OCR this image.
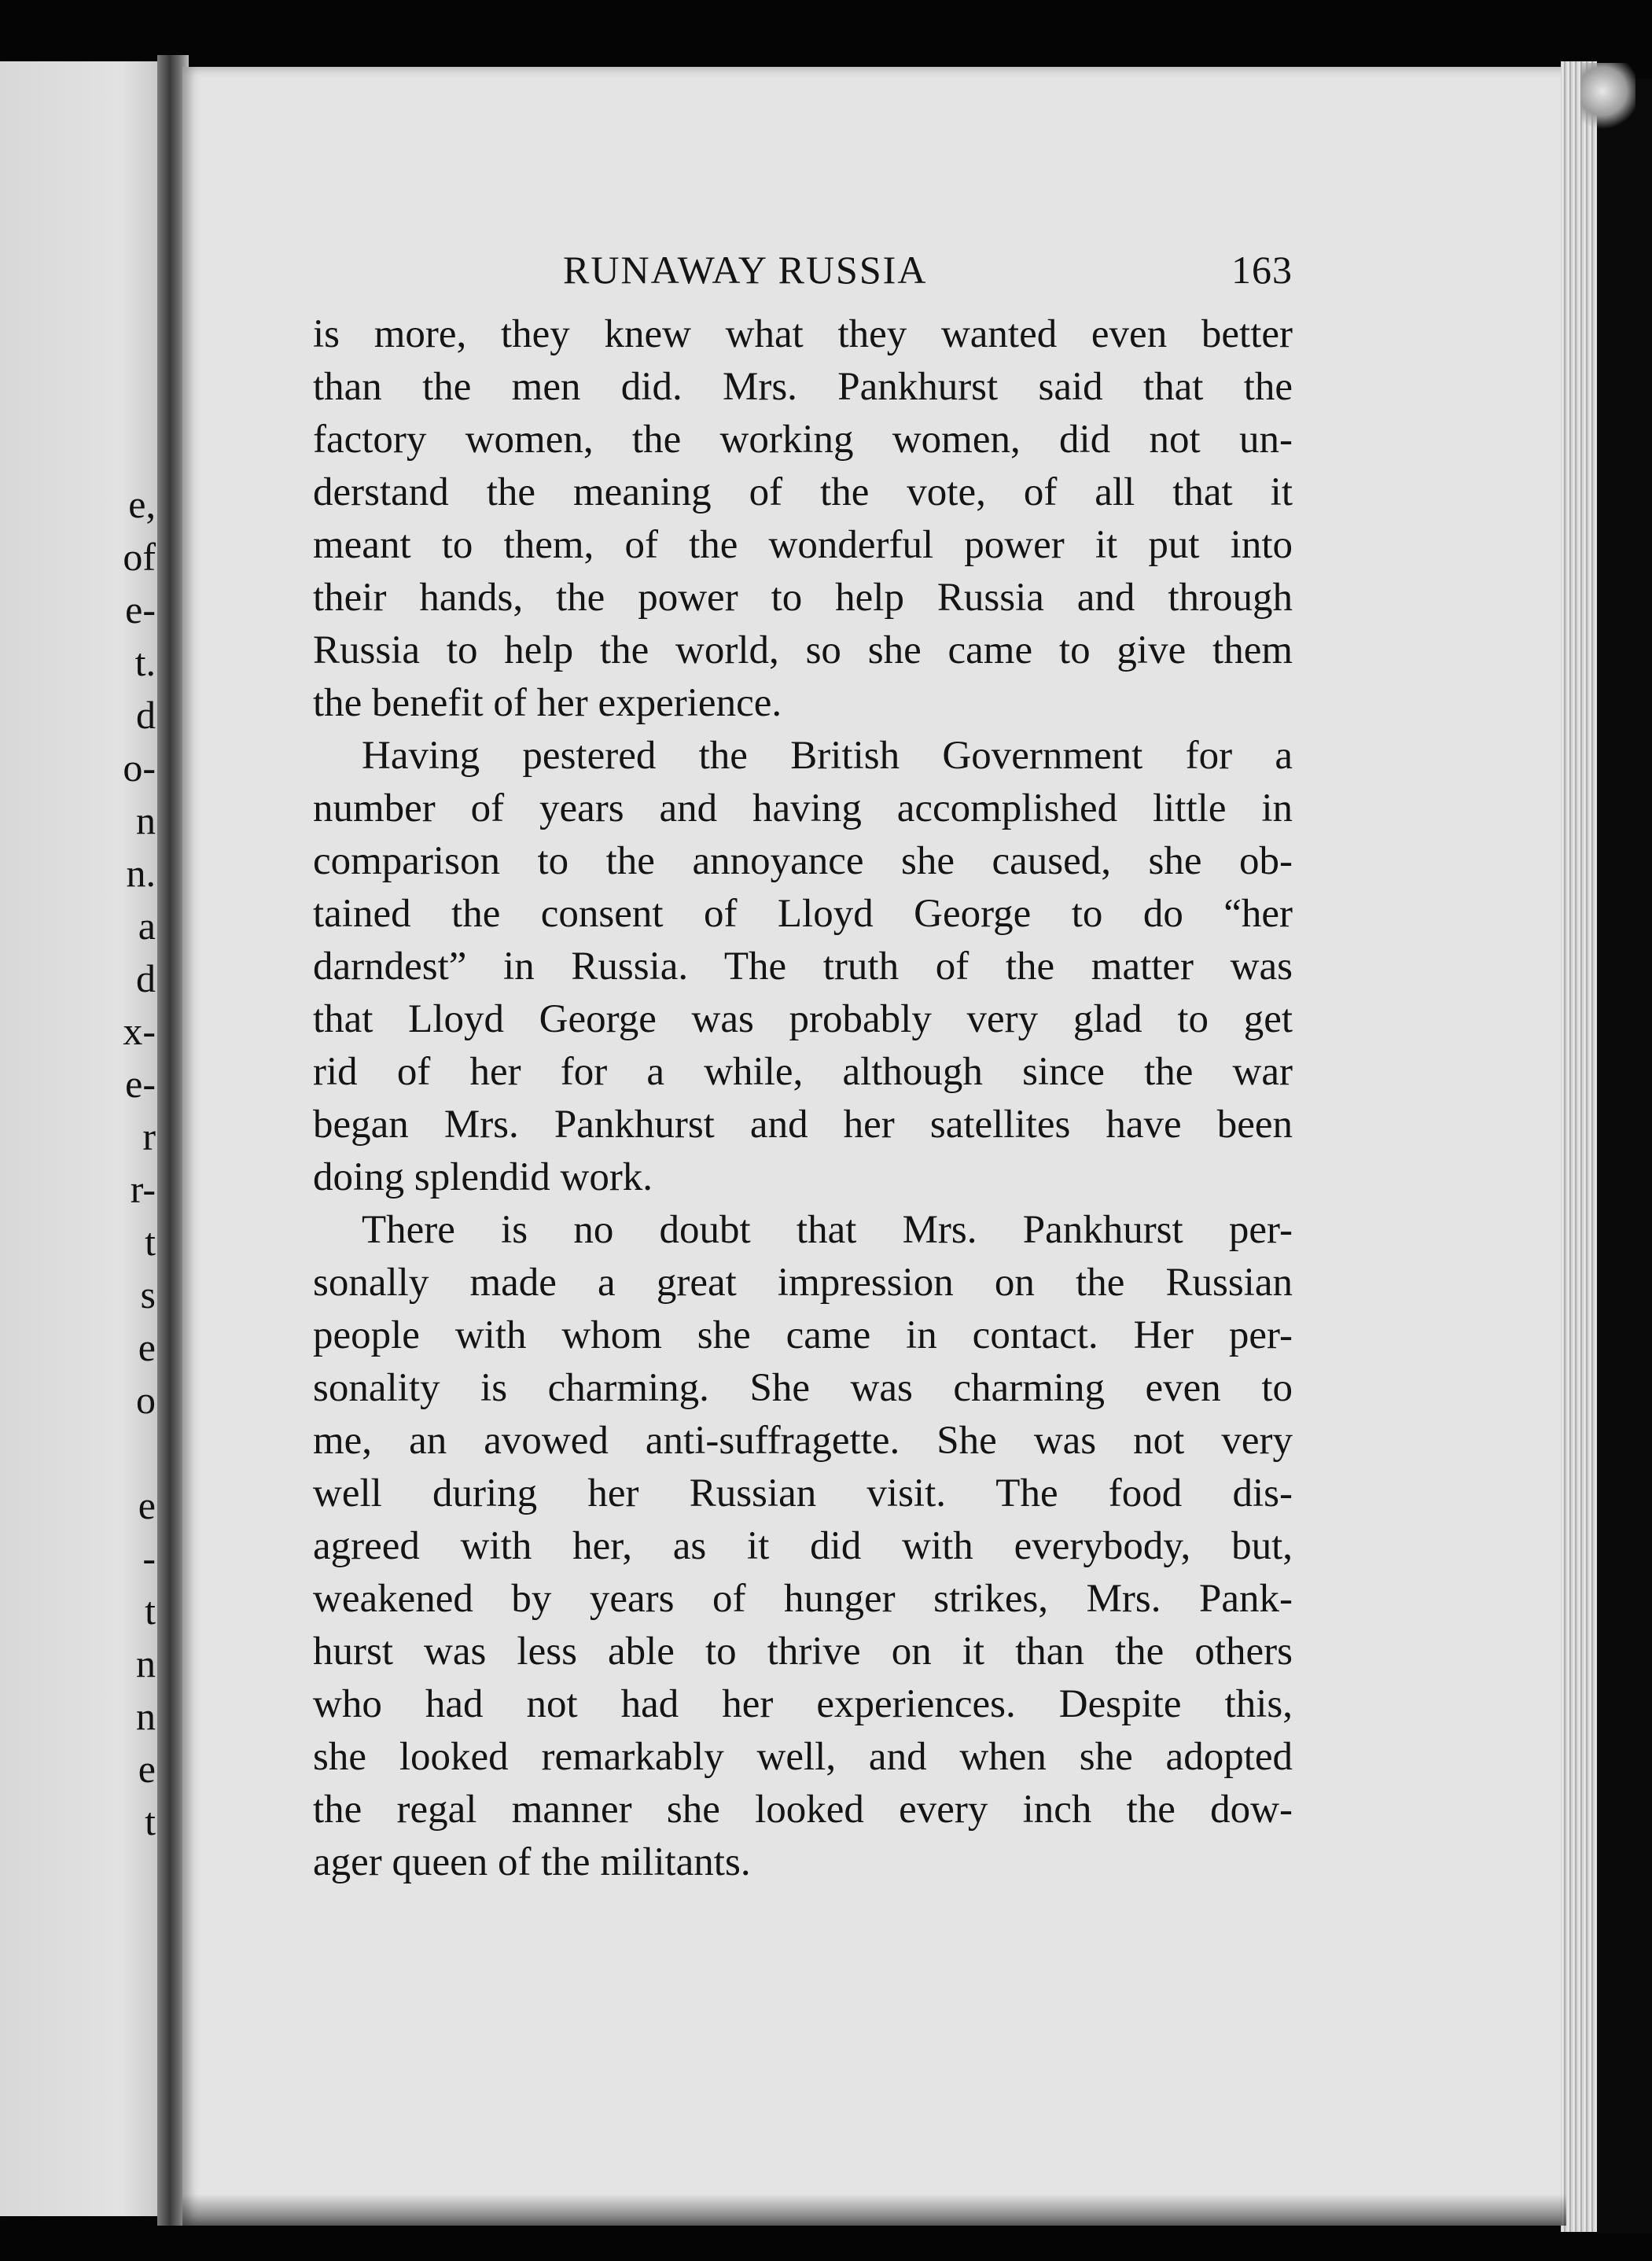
e,
of
e-
t.
d
o-
n
n.
a
d
x-
e-
r
r-
t
s
e
o
e
-
t
n
n
e
t
RUNAWAY RUSSIA	163
is more, they knew what they wanted even better
than the men did. Mrs. Pankhurst said that the
factory women, the working women, did not un-
derstand the meaning of the vote, of all that it
meant to them, of the wonderful power it put into
their hands, the power to help Russia and through
Russia to help the world, so she came to give them
the benefit of her experience.
Having pestered the British Government for a
number of years and having accomplished little in
comparison to the annoyance she caused, she ob-
tained the consent of Lloyd George to do “her
darndest” in Russia. The truth of the matter was
that Lloyd George was probably very glad to get
rid of her for a while, although since the war
began Mrs. Pankhurst and her satellites have been
doing splendid work.
There is no doubt that Mrs. Pankhurst per-
sonally made a great impression on the Russian
people with whom she came in contact. Her per-
sonality is charming. She was charming even to
me, an avowed anti-suffragette. She was not very
well during her Russian visit. The food dis-
agreed with her, as it did with everybody, but,
weakened by years of hunger strikes, Mrs. Pank-
hurst was less able to thrive on it than the others
who had not had her experiences. Despite this,
she looked remarkably well, and when she adopted
the regal manner she looked every inch the dow-
ager queen of the militants.
